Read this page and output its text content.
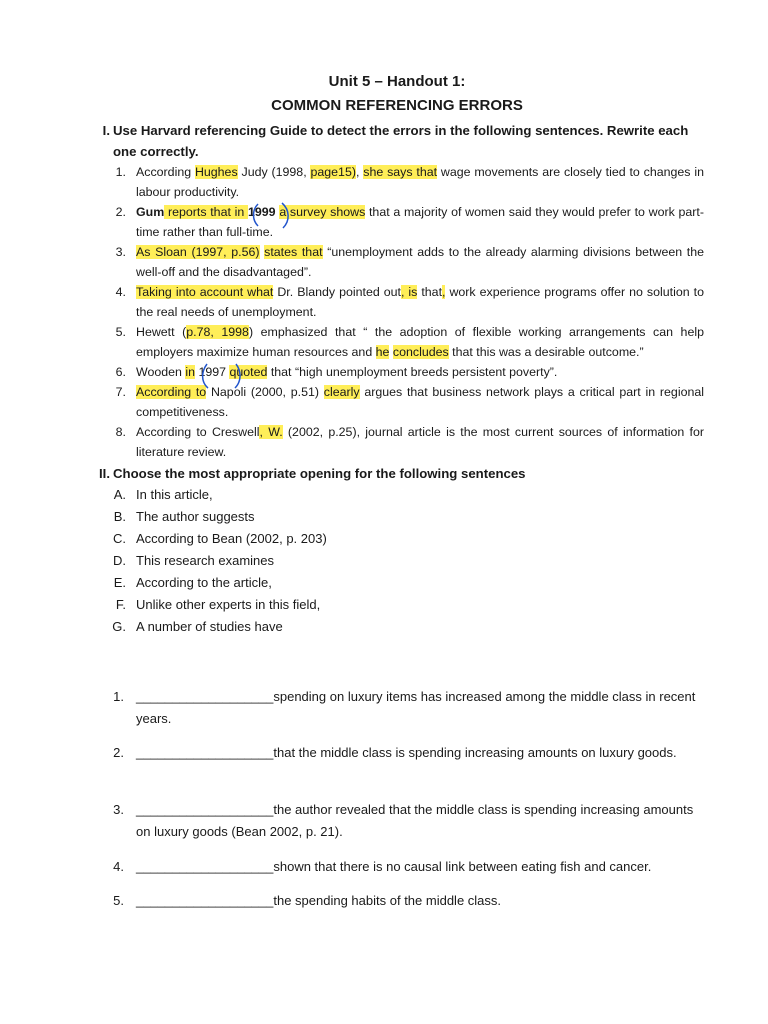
Unit 5 – Handout 1:
COMMON REFERENCING ERRORS
I. Use Harvard referencing Guide to detect the errors in the following sentences. Rewrite each one correctly.
1. According Hughes Judy (1998, page15), she says that wage movements are closely tied to changes in labour productivity.
2. Gum reports that in 1999 a survey shows that a majority of women said they would prefer to work part-time rather than full-time.
3. As Sloan (1997, p.56) states that “unemployment adds to the already alarming divisions between the well-off and the disadvantaged”.
4. Taking into account what Dr. Blandy pointed out, is that, work experience programs offer no solution to the real needs of unemployment.
5. Hewett (p.78, 1998) emphasized that “ the adoption of flexible working arrangements can help employers maximize human resources and he concludes that this was a desirable outcome.”
6. Wooden in 1997 quoted that “high unemployment breeds persistent poverty”.
7. According to Napoli (2000, p.51) clearly argues that business network plays a critical part in regional competitiveness.
8. According to Creswell, W. (2002, p.25), journal article is the most current sources of information for literature review.
II. Choose the most appropriate opening for the following sentences
A. In this article,
B. The author suggests
C. According to Bean (2002, p. 203)
D. This research examines
E. According to the article,
F. Unlike other experts in this field,
G. A number of studies have
1. ___________________spending on luxury items has increased among the middle class in recent years.
2. ___________________that the middle class is spending increasing amounts on luxury goods.
3. ___________________the author revealed that the middle class is spending increasing amounts on luxury goods (Bean 2002, p. 21).
4. ___________________shown that there is no causal link between eating fish and cancer.
5. ___________________the spending habits of the middle class.
